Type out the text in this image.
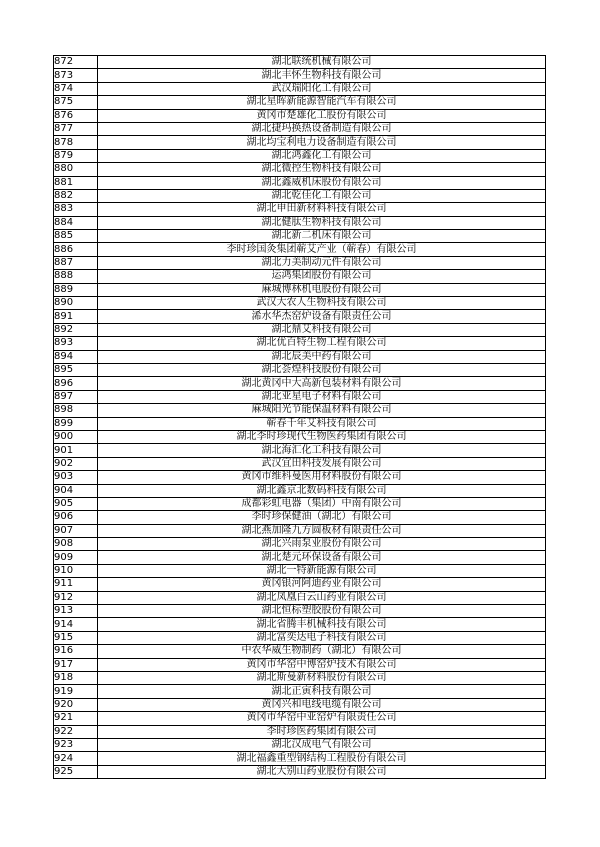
872	湖北联统机械有限公司
873	湖北丰怀生物科技有限公司
874	武汉瑞阳化工有限公司
875	湖北星晖新能源智能汽车有限公司
876	黄冈市楚雄化工股份有限公司
877	湖北捷玛换热设备制造有限公司
878	湖北均宝利电力设备制造有限公司
879	湖北鸿鑫化工有限公司
880	湖北微控生物科技有限公司
881	湖北鑫威机床股份有限公司
882	湖北乾佳化工有限公司
883	湖北申田新材料科技有限公司
884	湖北健肽生物科技有限公司
885	湖北新二机床有限公司
886	李时珍国灸集团蕲艾产业（蕲春）有限公司
887	湖北力美制动元件有限公司
888	运鸿集团股份有限公司
889	麻城博林机电股份有限公司
890	武汉大农人生物科技有限公司
891	浠水华杰窑炉设备有限责任公司
892	湖北鼎艾科技有限公司
893	湖北优百特生物工程有限公司
894	湖北辰美中药有限公司
895	湖北荟煌科技股份有限公司
896	湖北黄冈中大高新包装材料有限公司
897	湖北亚星电子材料有限公司
898	麻城阳光节能保温材料有限公司
899	蕲春千年艾科技有限公司
900	湖北李时珍现代生物医药集团有限公司
901	湖北海汇化工科技有限公司
902	武汉宜田科技发展有限公司
903	黄冈市维科曼医用材料股份有限公司
904	湖北鑫京北数码科技有限公司
905	成都彩虹电器（集团）中南有限公司
906	李时珍保健油（湖北）有限公司
907	湖北燕加隆九方圆板材有限责任公司
908	湖北兴雨泵业股份有限公司
909	湖北楚元环保设备有限公司
910	湖北一特新能源有限公司
911	黄冈银河阿迪药业有限公司
912	湖北凤凰白云山药业有限公司
913	湖北恒标塑胶股份有限公司
914	湖北省腾丰机械科技有限公司
915	湖北富奕达电子科技有限公司
916	中农华威生物制药（湖北）有限公司
917	黄冈市华窑中博窑炉技术有限公司
918	湖北斯曼新材料股份有限公司
919	湖北正寅科技有限公司
920	黄冈兴和电线电缆有限公司
921	黄冈市华窑中亚窑炉有限责任公司
922	李时珍医药集团有限公司
923	湖北汉成电气有限公司
924	湖北福鑫重型钢结构工程股份有限公司
925	湖北大别山药业股份有限公司
